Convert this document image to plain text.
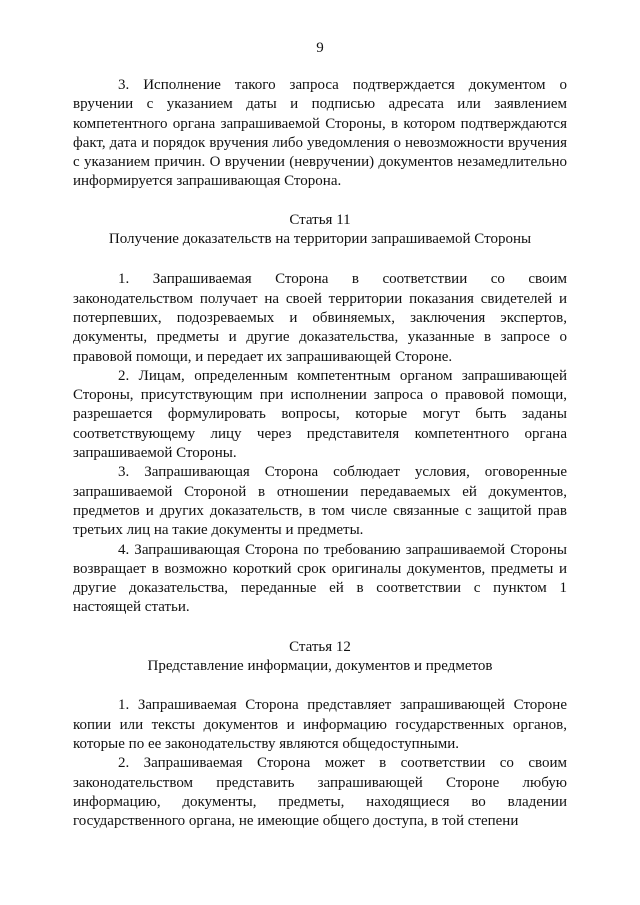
9

3. Исполнение такого запроса подтверждается документом о вручении с указанием даты и подписью адресата или заявлением компетентного органа запрашиваемой Стороны, в котором подтверждаются факт, дата и порядок вручения либо уведомления о невозможности вручения с указанием причин. О вручении (невручении) документов незамедлительно информируется запрашивающая Сторона.

Статья 11
Получение доказательств на территории запрашиваемой Стороны

1. Запрашиваемая Сторона в соответствии со своим законодательством получает на своей территории показания свидетелей и потерпевших, подозреваемых и обвиняемых, заключения экспертов, документы, предметы и другие доказательства, указанные в запросе о правовой помощи, и передает их запрашивающей Стороне.

2. Лицам, определенным компетентным органом запрашивающей Стороны, присутствующим при исполнении запроса о правовой помощи, разрешается формулировать вопросы, которые могут быть заданы соответствующему лицу через представителя компетентного органа запрашиваемой Стороны.

3. Запрашивающая Сторона соблюдает условия, оговоренные запрашиваемой Стороной в отношении передаваемых ей документов, предметов и других доказательств, в том числе связанные с защитой прав третьих лиц на такие документы и предметы.

4. Запрашивающая Сторона по требованию запрашиваемой Стороны возвращает в возможно короткий срок оригиналы документов, предметы и другие доказательства, переданные ей в соответствии с пунктом 1 настоящей статьи.

Статья 12
Представление информации, документов и предметов

1. Запрашиваемая Сторона представляет запрашивающей Стороне копии или тексты документов и информацию государственных органов, которые по ее законодательству являются общедоступными.

2. Запрашиваемая Сторона может в соответствии со своим законодательством представить запрашивающей Стороне любую информацию, документы, предметы, находящиеся во владении государственного органа, не имеющие общего доступа, в той степени
